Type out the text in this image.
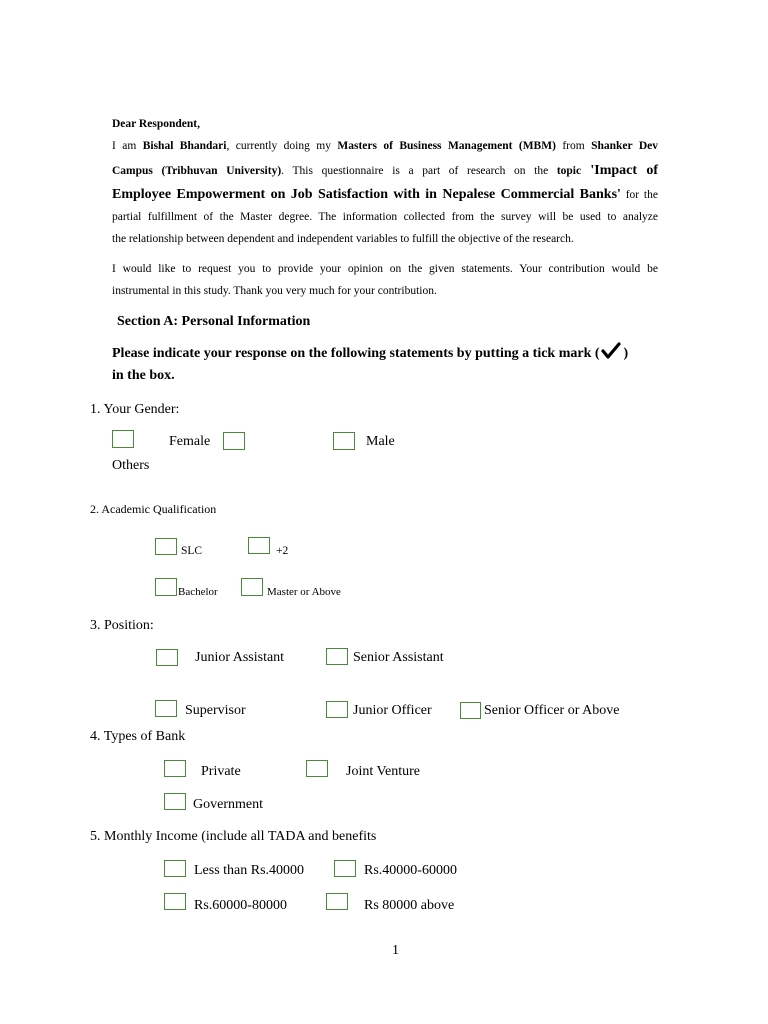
Dear Respondent,
I am Bishal Bhandari, currently doing my Masters of Business Management (MBM) from Shanker Dev
Campus (Tribhuvan University). This questionnaire is a part of research on the topic 'Impact of
Employee Empowerment on Job Satisfaction with in Nepalese Commercial Banks' for the
partial fulfillment of the Master degree. The information collected from the survey will be used to analyze
the relationship between dependent and independent variables to fulfill the objective of the research.
I would like to request you to provide your opinion on the given statements. Your contribution would be
instrumental in this study. Thank you very much for your contribution.
Section A: Personal Information
Please indicate your response on the following statements by putting a tick mark ( )
in the box.
1. Your Gender:
Female	Male
Others
2. Academic Qualification
SLC	+2
Bachelor	Master or Above
3. Position:
Junior Assistant	Senior Assistant
Supervisor	Junior Officer	Senior Officer or Above
4. Types of Bank
Private	Joint Venture
Government
5. Monthly Income (include all TADA and benefits
Less than Rs.40000	Rs.40000-60000
Rs.60000-80000	Rs 80000 above
1
